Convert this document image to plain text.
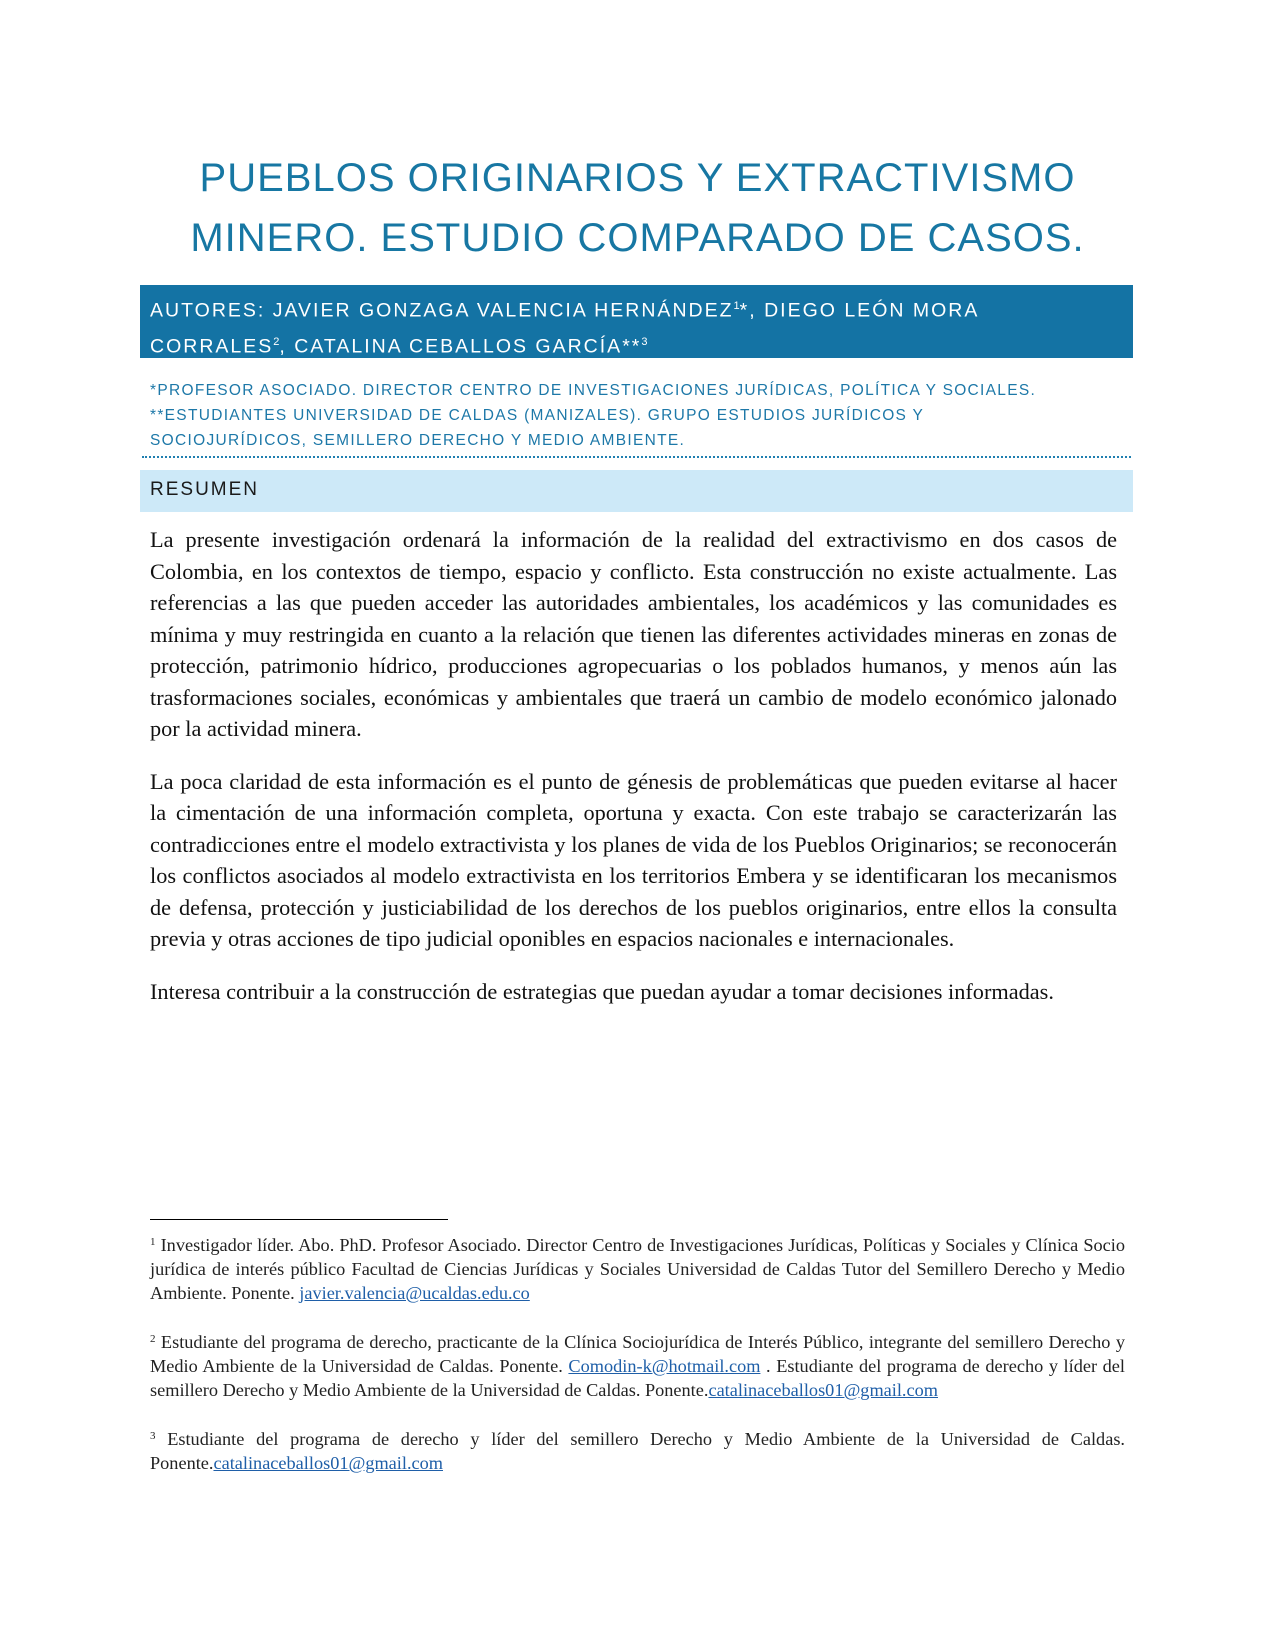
PUEBLOS ORIGINARIOS Y EXTRACTIVISMO
MINERO. ESTUDIO COMPARADO DE CASOS.
AUTORES: JAVIER GONZAGA VALENCIA HERNÁNDEZ$^1$*, DIEGO LEÓN MORA
CORRALES$^2$, CATALINA CEBALLOS GARCÍA**$^3$
*PROFESOR ASOCIADO. DIRECTOR CENTRO DE INVESTIGACIONES JURÍDICAS, POLÍTICA Y SOCIALES.
**ESTUDIANTES UNIVERSIDAD DE CALDAS (MANIZALES). GRUPO ESTUDIOS JURÍDICOS Y
SOCIOJURÍDICOS, SEMILLERO DERECHO Y MEDIO AMBIENTE.
RESUMEN

La presente investigación ordenará la información de la realidad del extractivismo en dos casos de Colombia, en los contextos de tiempo, espacio y conflicto. Esta construcción no existe actualmente. Las referencias a las que pueden acceder las autoridades ambientales, los académicos y las comunidades es mínima y muy restringida en cuanto a la relación que tienen las diferentes actividades mineras en zonas de protección, patrimonio hídrico, producciones agropecuarias o los poblados humanos, y menos aún las trasformaciones sociales, económicas y ambientales que traerá un cambio de modelo económico jalonado por la actividad minera.

La poca claridad de esta información es el punto de génesis de problemáticas que pueden evitarse al hacer la cimentación de una información completa, oportuna y exacta. Con este trabajo se caracterizarán las contradicciones entre el modelo extractivista y los planes de vida de los Pueblos Originarios; se reconocerán los conflictos asociados al modelo extractivista en los territorios Embera y se identificaran los mecanismos de defensa, protección y justiciabilidad de los derechos de los pueblos originarios, entre ellos la consulta previa y otras acciones de tipo judicial oponibles en espacios nacionales e internacionales.

Interesa contribuir a la construcción de estrategias que puedan ayudar a tomar decisiones informadas.

$^1$ Investigador líder. Abo. PhD. Profesor Asociado. Director Centro de Investigaciones Jurídicas, Políticas y Sociales y Clínica Socio jurídica de interés público Facultad de Ciencias Jurídicas y Sociales Universidad de Caldas Tutor del Semillero Derecho y Medio Ambiente. Ponente. javier.valencia@ucaldas.edu.co
$^2$ Estudiante del programa de derecho, practicante de la Clínica Sociojurídica de Interés Público, integrante del semillero Derecho y Medio Ambiente de la Universidad de Caldas. Ponente. Comodin-k@hotmail.com . Estudiante del programa de derecho y líder del semillero Derecho y Medio Ambiente de la Universidad de Caldas. Ponente.catalinaceballos01@gmail.com
$^3$ Estudiante del programa de derecho y líder del semillero Derecho y Medio Ambiente de la Universidad de Caldas. Ponente.catalinaceballos01@gmail.com
